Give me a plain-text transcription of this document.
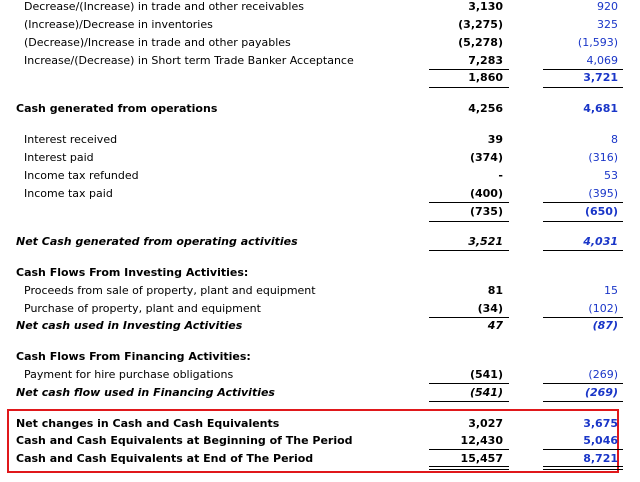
Decrease/(Increase) in trade and other receivables	3,130	920
(Increase)/Decrease in inventories	(3,275)	325
(Decrease)/Increase in trade and other payables	(5,278)	(1,593)
Increase/(Decrease) in Short term Trade Banker Acceptance	7,283	4,069
1,860	3,721
Cash generated from operations	4,256	4,681
Interest received	39	8
Interest paid	(374)	(316)
Income tax refunded	-	53
Income tax paid	(400)	(395)
(735)	(650)
Net Cash generated from operating activities	3,521	4,031
Cash Flows From Investing Activities:
Proceeds from sale of property, plant and equipment	81	15
Purchase of property, plant and equipment	(34)	(102)
Net cash used in Investing Activities	47	(87)
Cash Flows From Financing Activities:
Payment for hire purchase obligations	(541)	(269)
Net cash flow used in Financing Activities	(541)	(269)
Net changes in Cash and Cash Equivalents	3,027	3,675
Cash and Cash Equivalents at Beginning of The Period	12,430	5,046
Cash and Cash Equivalents at End of The Period	15,457	8,721
